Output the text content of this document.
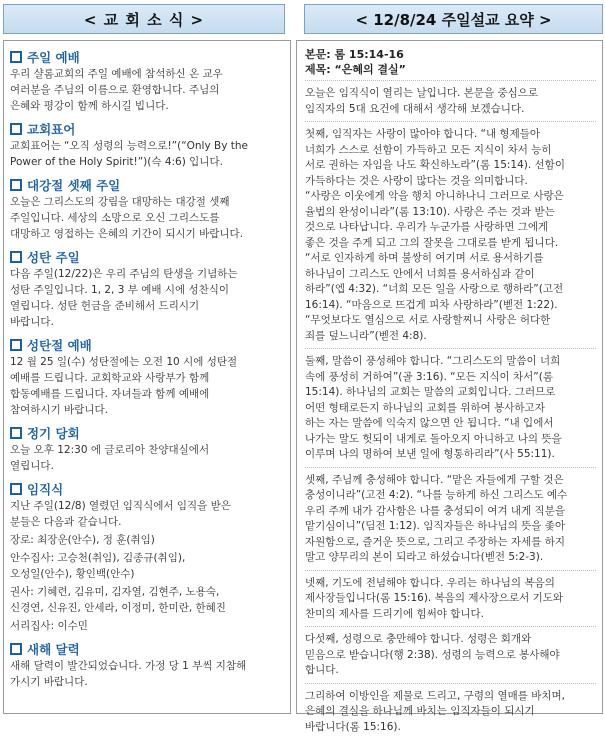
< 교 회 소 식 >	< 12/8/24 주일설교 요약 >
주일 예배
우리 샬롬교회의 주일 예배에 참석하신 온 교우
여러분을 주님의 이름으로 환영합니다. 주님의
은혜와 평강이 함께 하시길 빕니다.
교회표어
교회표어는 “오직 성령의 능력으로!”(“Only By the
Power of the Holy Spirit!”)(슥 4:6) 입니다.
대강절 셋째 주일
오늘은 그리스도의 강림을 대망하는 대강절 셋째
주일입니다. 세상의 소망으로 오신 그리스도를
대망하고 영접하는 은혜의 기간이 되시기 바랍니다.
성탄 주일
다음 주일(12/22)은 우리 주님의 탄생을 기념하는
성탄 주일입니다. 1, 2, 3 부 예배 시에 성찬식이
열립니다. 성탄 헌금을 준비해서 드리시기
바랍니다.
성탄절 예배
12 월 25 일(수) 성탄절에는 오전 10 시에 성탄절
예배를 드립니다. 교회학교와 사랑부가 함께
합동예배를 드립니다. 자녀들과 함께 예배에
참여하시기 바랍니다.
정기 당회
오늘 오후 12:30 에 글로리아 찬양대실에서
열립니다.
임직식
지난 주일(12/8) 열렸던 임직식에서 임직을 받은
분들은 다음과 같습니다.
장로: 최장운(안수), 정 훈(취임)
안수집사: 고승천(취임), 김종규(취임),
오성일(안수), 황인백(안수)
권사: 기혜련, 김유미, 김자열, 김현주, 노용숙,
신경연, 신유진, 안세라, 이정미, 한미란, 한혜진
서리집사: 이수민
새해 달력
새해 달력이 발간되었습니다. 가정 당 1 부씩 지참해
가시기 바랍니다.
본문: 롬 15:14-16
제목: “은혜의 결실”
오늘은 임직식이 열리는 날입니다. 본문을 중심으로
임직자의 5대 요건에 대해서 생각해 보겠습니다.
첫째, 임직자는 사랑이 많아야 합니다. “내 형제들아
너희가 스스로 선함이 가득하고 모든 지식이 차서 능히
서로 권하는 자임을 나도 확신하노라”(롬 15:14). 선함이
가득하다는 것은 사랑이 많다는 것을 의미합니다.
“사랑은 이웃에게 악을 행치 아니하나니 그러므로 사랑은
율법의 완성이니라”(롬 13:10). 사랑은 주는 것과 받는
것으로 나타납니다. 우리가 누군가를 사랑하면 그에게
좋은 것을 주게 되고 그의 잘못을 그대로를 받게 됩니다.
“서로 인자하게 하며 불쌍히 여기며 서로 용서하기를
하나님이 그리스도 안에서 너희를 용서하심과 같이
하라”(엡 4:32). “너희 모든 일을 사랑으로 행하라”(고전
16:14). “마음으로 뜨겁게 피차 사랑하라”(벧전 1:22).
“무엇보다도 열심으로 서로 사랑할찌니 사랑은 허다한
죄를 덮느니라”(벧전 4:8).
둘째, 말씀이 풍성해야 합니다. “그리스도의 말씀이 너희
속에 풍성히 거하여”(골 3:16). “모든 지식이 차서”(롬
15:14). 하나님의 교회는 말씀의 교회입니다. 그러므로
어떤 형태로든지 하나님의 교회를 위하여 봉사하고자
하는 자는 말씀에 익숙지 않으면 안 됩니다. “내 입에서
나가는 말도 헛되이 내게로 돌아오지 아니하고 나의 뜻을
이루며 나의 명하여 보낸 일에 형통하리라”(사 55:11).
셋째, 주님께 충성해야 합니다. “맡은 자들에게 구할 것은
충성이니라”(고전 4:2). “나를 능하게 하신 그리스도 예수
우리 주께 내가 감사함은 나를 충성되이 여겨 내게 직분을
맡기심이니”(딤전 1:12). 임직자들은 하나님의 뜻을 좇아
자원함으로, 즐거운 뜻으로, 그리고 주장하는 자세를 하지
말고 양무리의 본이 되라고 하셨습니다(벧전 5:2-3).
넷째, 기도에 전념해야 합니다. 우리는 하나님의 복음의
제사장들입니다(롬 15:16). 복음의 제사장으로서 기도와
찬미의 제사를 드리기에 힘써야 합니다.
다섯째, 성령으로 충만해야 합니다. 성령은 회개와
믿음으로 받습니다(행 2:38). 성령의 능력으로 봉사해야
합니다.
그리하여 이방인을 제물로 드리고, 구령의 열매를 바치며,
은혜의 결실을 하나님께 바치는 임직자들이 되시기
바랍니다(롬 15:16).
